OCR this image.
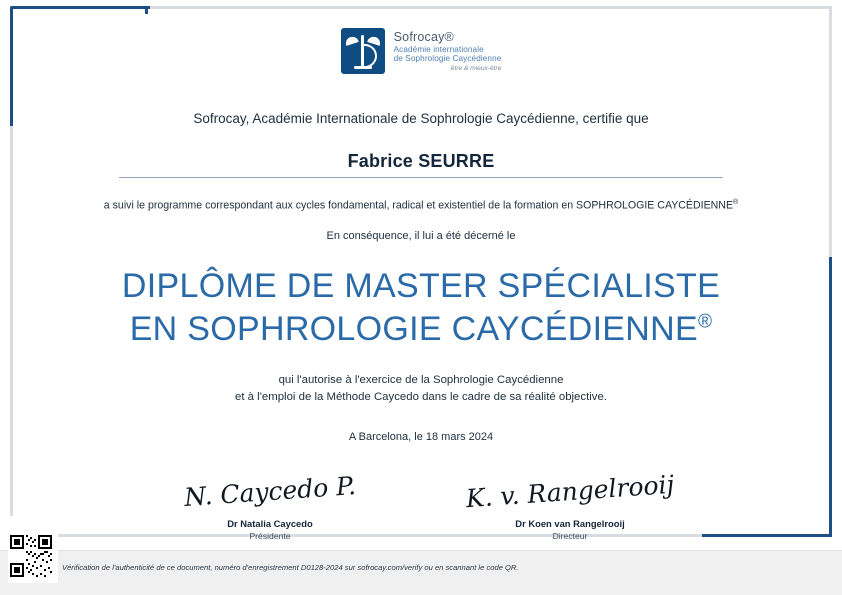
Sofrocay®
Académie internationale
de Sophrologie Caycédienne
être & mieux-être
Sofrocay, Académie Internationale de Sophrologie Caycédienne, certifie que
Fabrice SEURRE
a suivi le programme correspondant aux cycles fondamental, radical et existentiel de la formation en SOPHROLOGIE CAYCÉDIENNE®
En conséquence, il lui a été décerné le
DIPLÔME DE MASTER SPÉCIALISTE
EN SOPHROLOGIE CAYCÉDIENNE®
qui l'autorise à l'exercice de la Sophrologie Caycédienne
et à l'emploi de la Méthode Caycedo dans le cadre de sa réalité objective.
A Barcelona, le 18 mars 2024
N. Caycedo P.
Dr Natalia Caycedo
Présidente
K. v. Rangelrooij
Dr Koen van Rangelrooij
Directeur
Vérification de l'authenticité de ce document, numéro d'enregistrement D0128-2024 sur sofrocay.com/verify ou en scannant le code QR.
